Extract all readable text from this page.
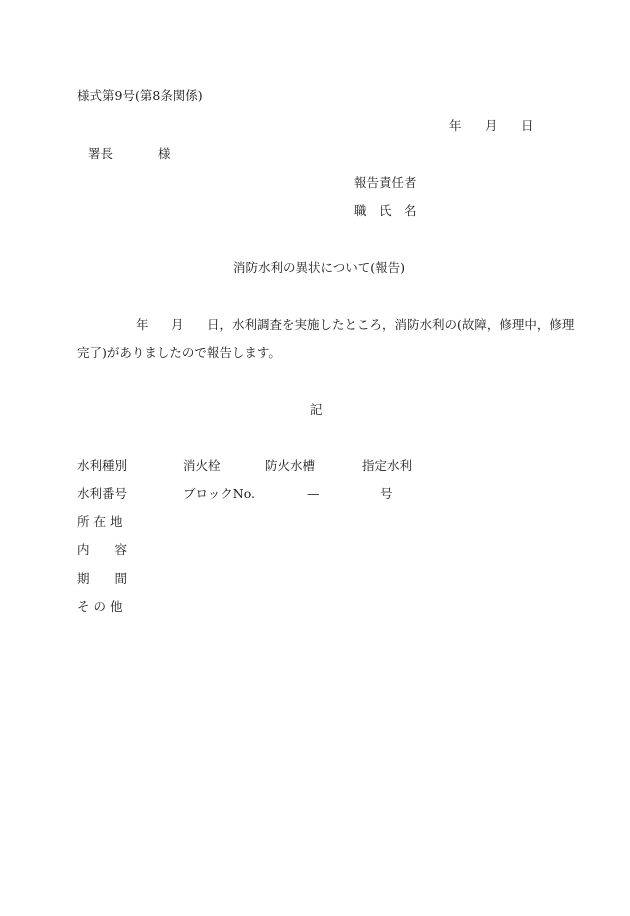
様式第9号(第8条関係)
年 月 日
署長	様
報告責任者
職　氏　名
消防水利の異状について(報告)
年 月 日，水利調査を実施したところ，消防水利の(故障，修理中，修理
完了)がありましたので報告します。
記
水利種別	消火栓	防火水槽	指定水利
水利番号	ブロックNo.	—	号
所 在 地
内　　容
期　　間
そ の 他
